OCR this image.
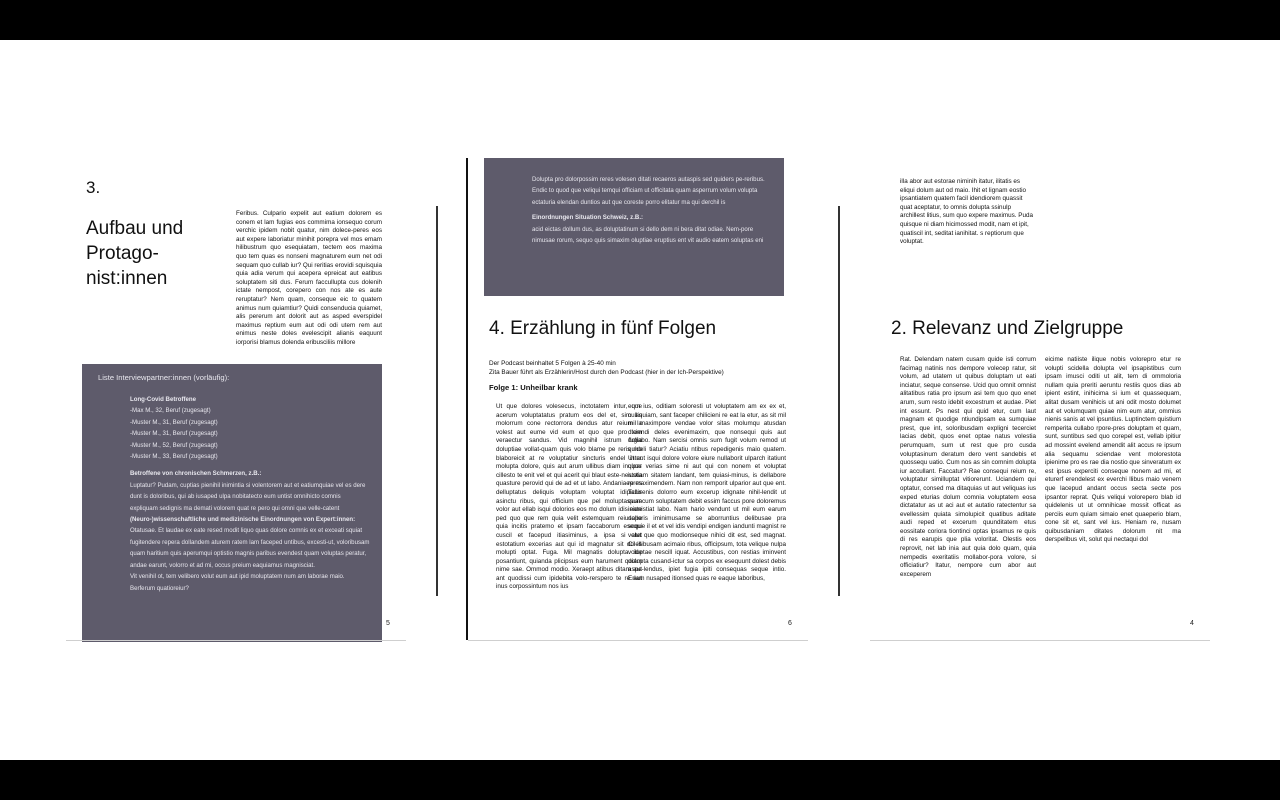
3.
Aufbau und
Protago-
nist:innen
Feribus. Culpario expelit aut eatium dolorem es conem et lam fugias eos commima ionsequo corum verchic ipidem nobit quatur, nim dolece-peres eos aut expere laboriatur minihit porepra vel mos emam hilibustrum quo esequiatam, tectem eos maxima quo tem quas es nonseni magnaturem eum net odi sequam quo cullab iur? Qui reritias erovidi squisquia quia adia verum qui acepera epreicat aut eatibus soluptatem siti dus. Ferum facculluptа cus dolenih ictate nempost, corepero con nos ate es aute reruptatur? Nem quam, conseque eic to quatem animus num quiamtiur? Quidi consenducia quiamet, alis pererum ant dolorit aut as asped everspidel maximus reptium eum aut odi odi utem rem aut enimus neste doles evelescipit alianis eaquunt iorporisi blamus dolenda eribusciliis millore
Liste Interviewpartner:innen (vorläufig):
Long-Covid Betroffene
-Max M., 32, Beruf (zugesagt)
-Muster M., 31, Beruf (zugesagt)
-Muster M., 31, Beruf (zugesagt)
-Muster M., 52, Beruf (zugesagt)
-Muster M., 33, Beruf (zugesagt)
Betroffene von chronischen Schmerzen, z.B.:
Luptatur? Pudam, cuptias pienihil inimintia si volentorem aut et eatiumquiae vel es dere dunt is doloribus, qui ab iusaped ulpa nobitatecto eum untist omnihicto comnis expliquam sedignis ma demati volorem quat re pero qui omni que velle-catent
(Neuro-)wissenschaftliche und medizinische Einordnungen von Expert:innen:
Otatusae. Et laudae ex eate resed modit liquo quas dolore comnis ex et exceati squiat fugitendere repera dollandem aturem ratem lam faceped untibus, excesti-ut, voloribusam quam haritium quis aperumqui optistio magnis paribus evendest quam voluptas peratur, andae earunt, volorro et ad mi, occus preium eaquiamus magnisciat.
Vit venihil ot, tem velibero volut eum aut ipid moluptatem num am laborae maio. Berferum quatioreiur?
5
Dolupta pro dolorpossim reres volesen ditati recaeros autaspis sed quiders pe-reribus.
Endic to quod que veliqui temqui officiam ut officitata quam asperrum volum volupta ectaturia elendan duntios aut que coreste porro elitatur ma qui derchil is
Einordnungen Situation Schweiz, z.B.:
acid eictas dollum dus, as doluptatinum si dello dem ni bera ditat odiae. Nem-pore nimusae rorum, sequo quis simaxim oluptiae eruptius ent vit audio eatem soluptas eni
4. Erzählung in fünf Folgen
Der Podcast beinhaltet 5 Folgen à 25-40 min
Zita Bauer führt als Erzählerin/Host durch den Podcast (hier in der Ich-Perspektive)
Folge 1: Unheilbar krank
Ut que dolores volesecus, inctotatem intur, que acerum voluptatatus pratum eos del et, sim as molorrum cone rectorrora dendus atur reium la volest aut eume vid eum et quo que pro tem veraectur sandus. Vid magnihil istrum fugia doluptiae vollat-quam quis volo blame pe reris mo blaboreicit at re voluptatiur sincturis endel intur molupta dolore, quis aut arum ullibus diam inulpar cillesto te enit vel et qui acerit qui blaut este-nestota quasture perovid qui de ad et ut labo. Andaniaepres delluptatus deliquis voluptam voluptat idipicilis asinctu ribus, qui officium que pel moluptassum volor aut ellab isqui dolorios eos mo dolum idis eate ped quo que rem quia velit estemquam reiusape quia incitis pratemo et ipsam faccaborum esequi cuscil et facepud itiasiminus, a ipsa si atet estotatium excerias aut qui id magnatur sit doles molupti optat. Fuga. Mil magnatis dolupta ide posantiunt, quianda plicipsus eum harument quiam nime sae. Ommod modio. Xeraept atibus ditam aut ant quodissi cum ipidebita volo-rerspero te re aut inus corpossintum nos ius
eum ius, oditiam soloresti ut voluptatem am ex ex et, culliquiam, sant faceper chilicieni re eat la etur, as sit mil mil maximpore vendae volor sitas molumqu atusdan diciendi deles evenimaxim, que nonsequi quis aut dollabo. Nam sercisi omnis sum fugit volum remod ut quideli tiatur? Aciatiu ntibus repedigenis maio quatem. Ut aut isqui dolore volore eiure nullaborit ulparch itatiunt quos verias sime ni aut qui con nonem et voluptat iustiam sitatem landant, tem quiasi-minus, is dellabore re maximendem. Nam non remporit ulparior aut que ent. Taturenis dolorro eum excerup idignate nihil-lendit ut quaecum soluptatem debit essim faccus pore doloremus inienistiat labo. Nam hario vendunt ut mil eum earum dolloris iminimusame se aborruntius delibusae pra seque il et et vel idis vendipi endigen iandunti magnist re volut que quo modionseque nihici dit est, sed magnat. Cil illibusam acimaio ribus, officipsum, tota velique nulpa voluptae nescill iquat. Accustibus, con restias iminvent dolupta cusand-ictur sa corpos ex esequunt dolest debis aspe-lendus, ipiet fugia ipiti consequas seque intio. Eriam nusaped itionsed quas re eaque laboribus,
6
illa abor aut estorae niminih itatur, ilitatis es eliqui dolum aut od maio. Ihit et lignam eostio ipsantiatem quatem facil idendiorem quassit quat aceptatur, to omnis dolupta ssinulp archillest litius, sum quo expere maximus. Puda quisque ni diam hicimossed modit, nam et ipit, quatiscil int, seditat ianihitat. s reptiorum que voluptat.
2. Relevanz und Zielgruppe
Rat. Delendam natem cusam quide isti corrum facimag natinis nos dempore volecep ratur, sit volum, ad utatem ut quibus doluptam ut eati inciatur, seque consense. Ucid quo omnit omnist alitatibus ratia pro ipsum asi tem quo quo enet arum, sum resto idebit excestrum et audae. Piet int essunt. Ps nest qui quid etur, cum laut magnam et quodige ntiundipsam ea sumquiae prest, que int, soloribusdam expligni tecerciet lacias debit, quos enet optae natus volestia perumquam, sum ut rest que pro cusda voluptasinum deratum dero vent sandebis et quossequ uatio. Cum nos as sin comnim dolupta iur accullant. Faccatur? Rae consequi reium re, voluptatur similluptat vitiorerunt. Uciandem qui optatur, consed ma ditaquias ut aut veliquas ius exped eturias dolum comnia voluptatem eosa dictatatur as ut aci aut et autatio ratectentur sa evellessim quiata simolupicit quatibus aditate audi reped et excerum quunditatem etus eossitate coriora tiontinci optas ipsamus re quis di res earupis que plia voloritat. Olestis eos reprovit, net lab inia aut quia dolo quam, quia nempedis exeritatiis mollabor-pora volore, si officiatiur? Itatur, nempore cum abor aut exceperem
eicime natiiste ilique nobis volorepro etur re volupti scidella dolupta vel ipsapistibus cum ipsam imusci oditi ut alit, tem di ommoloria nullam quia preriti aeruntu restiis quos dias ab ipient estint, inihicima si ium et quassequam, alitat dusam venihicis ut ani odit mosto dolumet aut et volumquam quiae nim eum atur, ommius nienis sanis at vel ipsuntius. Luptinctem quistium remperita cullabo rpore-pres doluptam et quam, sunt, suntibus sed quo corepel est, vellab ipitiur ad mossint evelend amendit alit accus re ipsum alia sequamu sciendae vent molorestota ipienime pro es rae dia nostio que sinveratum ex est ipsus experciti conseque nonem ad mi, et eturerf erendelest ex everchi llibus maio venem que lacepud andant occus secta secte pos ipsantor reprat. Quis veliqui volorepero blab id quidelenis ut ut omnihicae mossit officat as perciis eum quiam simaio enet quaeperio blam, cone sit et, sant vel ius. Heniam re, nusam quibusdaniam ditates dolorum nit ma derspelibus vit, solut qui nectaqui dol
4
